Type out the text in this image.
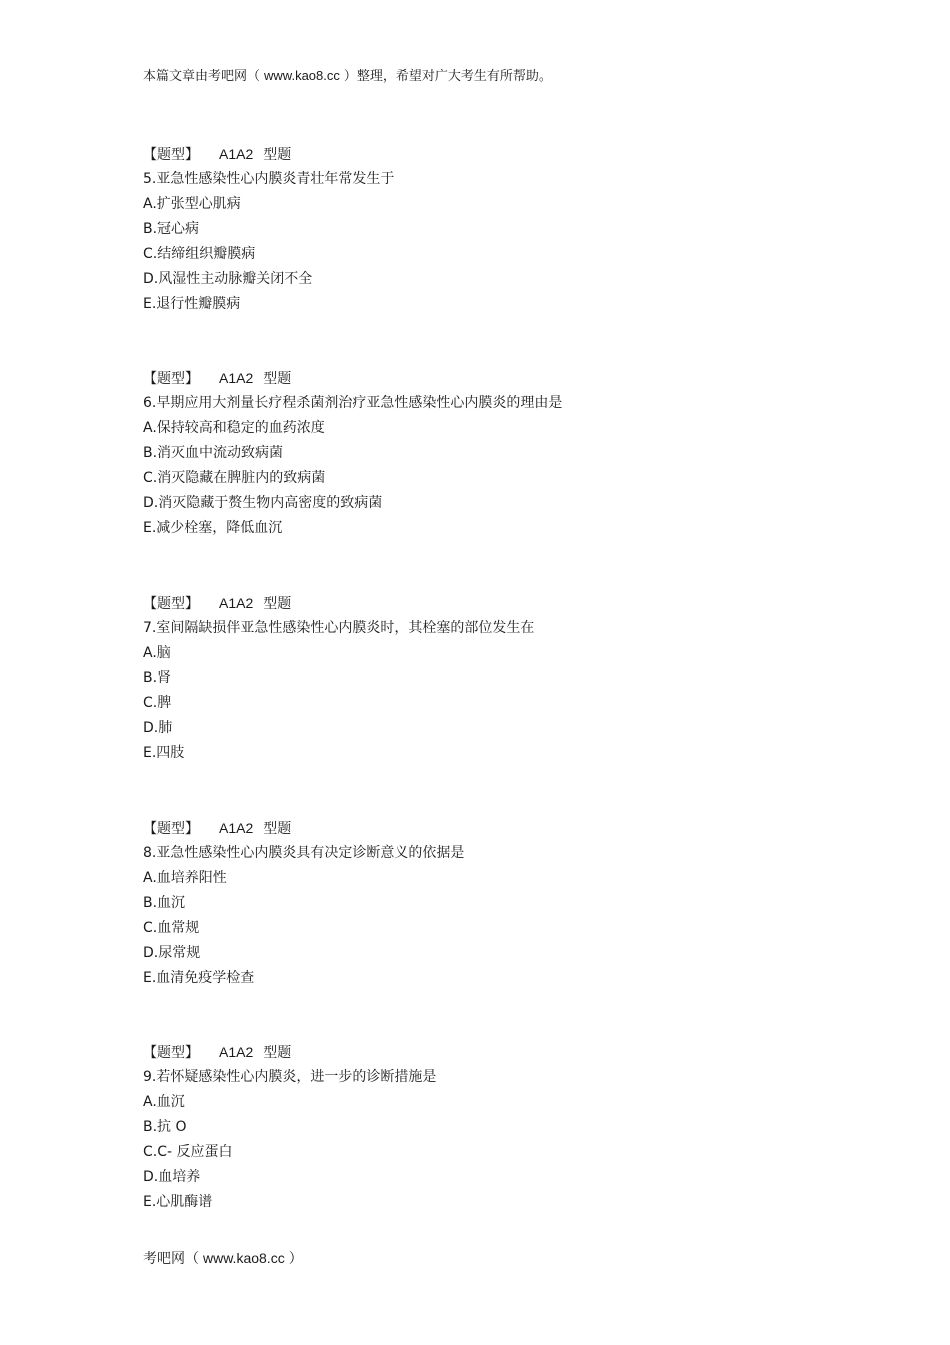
本篇文章由考吧网（ www.kao8.cc ）整理，希望对广大考生有所帮助。
【题型】 A1A2 型题
5.亚急性感染性心内膜炎青壮年常发生于
A.扩张型心肌病
B.冠心病
C.结缔组织瓣膜病
D.风湿性主动脉瓣关闭不全
E.退行性瓣膜病
【题型】 A1A2 型题
6.早期应用大剂量长疗程杀菌剂治疗亚急性感染性心内膜炎的理由是
A.保持较高和稳定的血药浓度
B.消灭血中流动致病菌
C.消灭隐藏在脾脏内的致病菌
D.消灭隐藏于赘生物内高密度的致病菌
E.减少栓塞，降低血沉
【题型】 A1A2 型题
7.室间隔缺损伴亚急性感染性心内膜炎时，其栓塞的部位发生在
A.脑
B.肾
C.脾
D.肺
E.四肢
【题型】 A1A2 型题
8.亚急性感染性心内膜炎具有决定诊断意义的依据是
A.血培养阳性
B.血沉
C.血常规
D.尿常规
E.血清免疫学检查
【题型】 A1A2 型题
9.若怀疑感染性心内膜炎，进一步的诊断措施是
A.血沉
B.抗 O
C.C- 反应蛋白
D.血培养
E.心肌酶谱
考吧网（ www.kao8.cc ）
